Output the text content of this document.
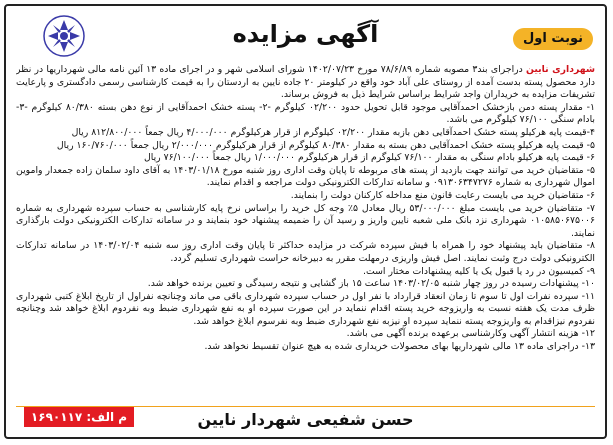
نوبت اول
آگهی مزایده

شهرداری نایین دراجرای بند۳ مصوبه شماره ۷۸/۶/۸۹ مورخ ۱۴۰۲/۰۷/۲۳ شورای اسلامی شهر و در اجرای ماده ۱۳ آئین نامه مالی شهرداریها در نظر دارد محصول پسته بدست آمده از روستای علی آباد خود واقع در کیلومتر ۲۰ جاده نایین به اردستان را به قیمت کارشناسی رسمی دادگستری و پارعایت تشریفات مزایده به خریداران واجد شرایط براساس شرایط ذیل به فروش برساند.

۱- مقدار پسته دمن بازخشک احمدآقایی موجود قابل تحویل حدود ۰۲/۲۰۰ کیلوگرم -۲- پسته خشک احمدآقایی از نوع دهن بسته ۸۰/۳۸۰ کیلوگرم -۳- بادام سنگی ۷۶/۱۰۰ کیلوگرم می باشد.

۴-قیمت پایه هرکیلو پسته خشک احمدآقایی دهن بازبه مقدار ۰۲/۲۰۰ کیلوگرم از قرار هرکیلوگرم ۴/۰۰۰/۰۰۰ ریال جمعاً ۸۱۲/۸۰۰/۰۰۰ ریال

۵- قیمت پایه هرکیلو پسته خشک احمدآقایی دهن بسته به مقدار ۸۰/۳۸۰ کیلوگرم از قرار هرکیلوگرم ۲/۰۰۰/۰۰۰ ریال جمعاً ۱۶۰/۷۶۰/۰۰۰ ریال

۶- قیمت پایه هرکیلو بادام سنگی به مقدار ۷۶/۱۰۰ کیلوگرم از قرار هرکیلوگرم ۱/۰۰۰/۰۰۰ ریال جمعاً ۷۶/۱۰۰/۰۰۰ ریال

۵- متقاضیان خرید می توانند جهت بازدید از پسته های مربوطه تا پایان وقت اداری روز شنبه مورخ ۱۴۰۳/۰۱/۱۸ به آقای داود سلمان زاده جمعدار واموین اموال شهرداری به شماره ۰۹۱۳۰۶۳۴۷۲۷۶ و سامانه تدارکات الکترونیکی دولت مراجعه و اقدام نمایند.

۶- متقاضیان خرید می بایست رعایت قانون منع مداخله کارکنان دولت را بنمایند.

۷- متقاضیان خرید می بایست مبلغ ۵۳/۰۰۰/۰۰۰ ریال معادل ۵٪ وجه کل خرید را براساس نرخ پایه کارشناسی به حساب سپرده شهرداری به شماره ۰۱۰۵۸۵۰۶۷۵۰۰۶ شهرداری نزد بانک ملی شعبه نایین واریز و رسید آن را ضمیمه پیشنهاد خود بنمایند و در سامانه تدارکات الکترونیکی دولت بارگذاری نمایند.

۸- متقاضیان باید پیشنهاد خود را همراه با فیش سپرده شرکت در مزایده حداکثر تا پایان وقت اداری روز سه شنبه ۱۴۰۳/۰۲/۰۴ در سامانه تدارکات الکترونیکی دولت درج وثبت نمایند. اصل فیش واریزی درمهلت مقرر به دبیرخانه حراست شهرداری تسلیم گردد.

۹- کمیسیون در رد یا قبول یک یا کلیه پیشنهادات مختار است.

۱۰- پیشنهادات رسیده در روز چهار شنبه ۱۴۰۳/۰۲/۰۵ ساعت ۱۵ باز گشایی و نتیجه رسیدگی و تعیین برنده خواهد شد.

۱۱- سپرده نفرات اول تا سوم تا زمان انعقاد قرارداد با نفر اول در حساب سپرده شهرداری باقی می ماند وچنانچه نفراول از تاریخ ابلاغ کتبی شهرداری ظرف مدت یک هفته نسبت به واریزوجه خرید پسته اقدام ننماید در این صورت سپرده او به نفع شهرداری ضبط وبه نفردوم ابلاغ خواهد شد وچنانچه نفردوم نیزاقدام به واریزوجه پسته ننماید سپرده او نیزبه نفع شهرداری ضبط وبه نفرسوم ابلاغ خواهد شد.

۱۲- هزینه انتشار آگهی وکارشناسی برعهده برنده آگهی می باشد.

۱۳- دراجرای ماده ۱۳ مالی شهرداریها بهای محصولات خریداری شده به هیچ عنوان تقسیط نخواهد شد.

م الف: ۱۶۹۰۱۱۷	حسن شفیعی شهردار نایین
